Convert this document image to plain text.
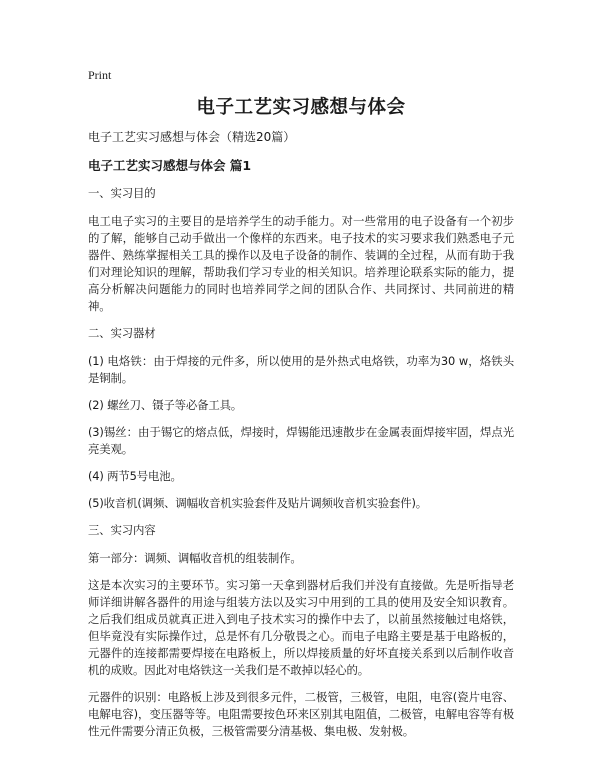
Print
电子工艺实习感想与体会
电子工艺实习感想与体会（精选20篇）
电子工艺实习感想与体会 篇1

一、实习目的

电工电子实习的主要目的是培养学生的动手能力。对一些常用的电子设备有一个初步的了解，能够自己动手做出一个像样的东西来。电子技术的实习要求我们熟悉电子元器件、熟练掌握相关工具的操作以及电子设备的制作、装调的全过程，从而有助于我们对理论知识的理解，帮助我们学习专业的相关知识。培养理论联系实际的能力，提高分析解决问题能力的同时也培养同学之间的团队合作、共同探讨、共同前进的精神。

二、实习器材

(1) 电烙铁：由于焊接的元件多，所以使用的是外热式电烙铁，功率为30 w，烙铁头是铜制。

(2) 螺丝刀、镊子等必备工具。

(3)锡丝：由于锡它的熔点低，焊接时，焊锡能迅速散步在金属表面焊接牢固，焊点光亮美观。

(4) 两节5号电池。

(5)收音机(调频、调幅收音机实验套件及贴片调频收音机实验套件)。

三、实习内容

第一部分：调频、调幅收音机的组装制作。

这是本次实习的主要环节。实习第一天拿到器材后我们并没有直接做。先是听指导老师详细讲解各器件的用途与组装方法以及实习中用到的工具的使用及安全知识教育。之后我们组成员就真正进入到电子技术实习的操作中去了，以前虽然接触过电烙铁，但毕竟没有实际操作过，总是怀有几分敬畏之心。而电子电路主要是基于电路板的，元器件的连接都需要焊接在电路板上，所以焊接质量的好坏直接关系到以后制作收音机的成败。因此对电烙铁这一关我们是不敢掉以轻心的。

元器件的识别：电路板上涉及到很多元件，二极管，三极管，电阻，电容(瓷片电容、电解电容)，变压器等等。电阻需要按色环来区别其电阻值，二极管，电解电容等有极性元件需要分清正负极，三极管需要分清基极、集电极、发射极。
